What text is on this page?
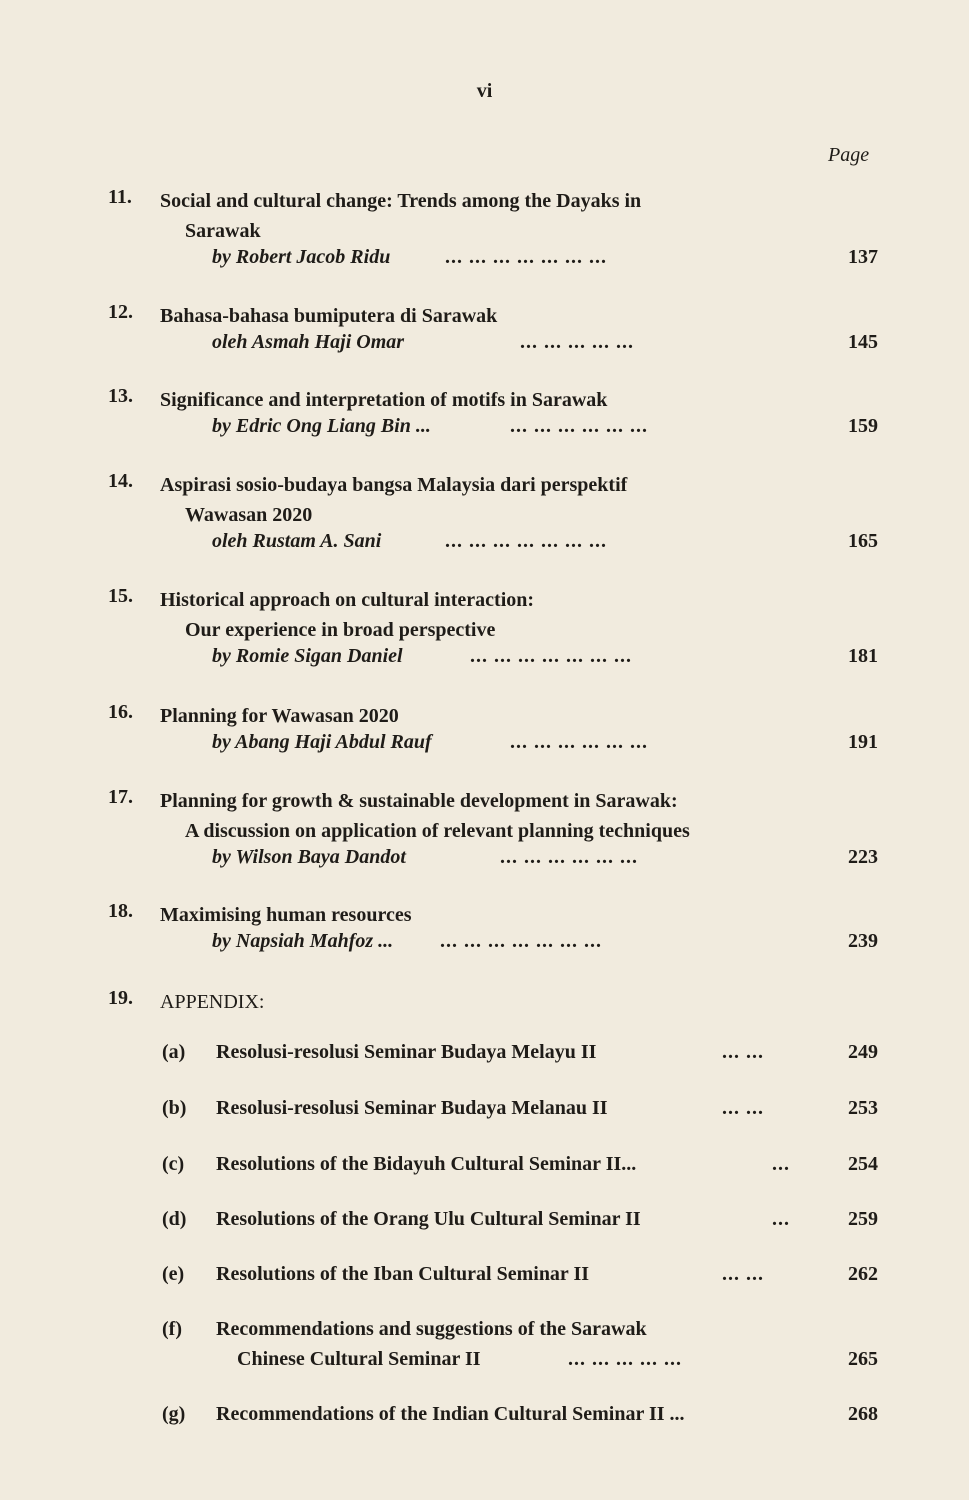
vi
Page
11. Social and cultural change: Trends among the Dayaks in
Sarawak
by Robert Jacob Ridu	... ... ... ... ... ... ...	137
12. Bahasa-bahasa bumiputera di Sarawak
oleh Asmah Haji Omar	... ... ... ... ...	145
13. Significance and interpretation of motifs in Sarawak
by Edric Ong Liang Bin ...	... ... ... ... ... ...	159
14. Aspirasi sosio-budaya bangsa Malaysia dari perspektif
Wawasan 2020
oleh Rustam A. Sani	... ... ... ... ... ... ...	165
15. Historical approach on cultural interaction:
Our experience in broad perspective
by Romie Sigan Daniel	... ... ... ... ... ... ...	181
16. Planning for Wawasan 2020
by Abang Haji Abdul Rauf	... ... ... ... ... ...	191
17. Planning for growth & sustainable development in Sarawak:
A discussion on application of relevant planning techniques
by Wilson Baya Dandot	... ... ... ... ... ...	223
18. Maximising human resources
by Napsiah Mahfoz ... ... ... ... ... ... ... ...	239
19. APPENDIX:
(a) Resolusi-resolusi Seminar Budaya Melayu II	... ...	249
(b) Resolusi-resolusi Seminar Budaya Melanau II	... ...	253
(c) Resolutions of the Bidayuh Cultural Seminar II...	...	254
(d) Resolutions of the Orang Ulu Cultural Seminar II	...	259
(e) Resolutions of the Iban Cultural Seminar II	... ...	262
(f) Recommendations and suggestions of the Sarawak
Chinese Cultural Seminar II	... ... ... ... ...	265
(g) Recommendations of the Indian Cultural Seminar II ...	268
